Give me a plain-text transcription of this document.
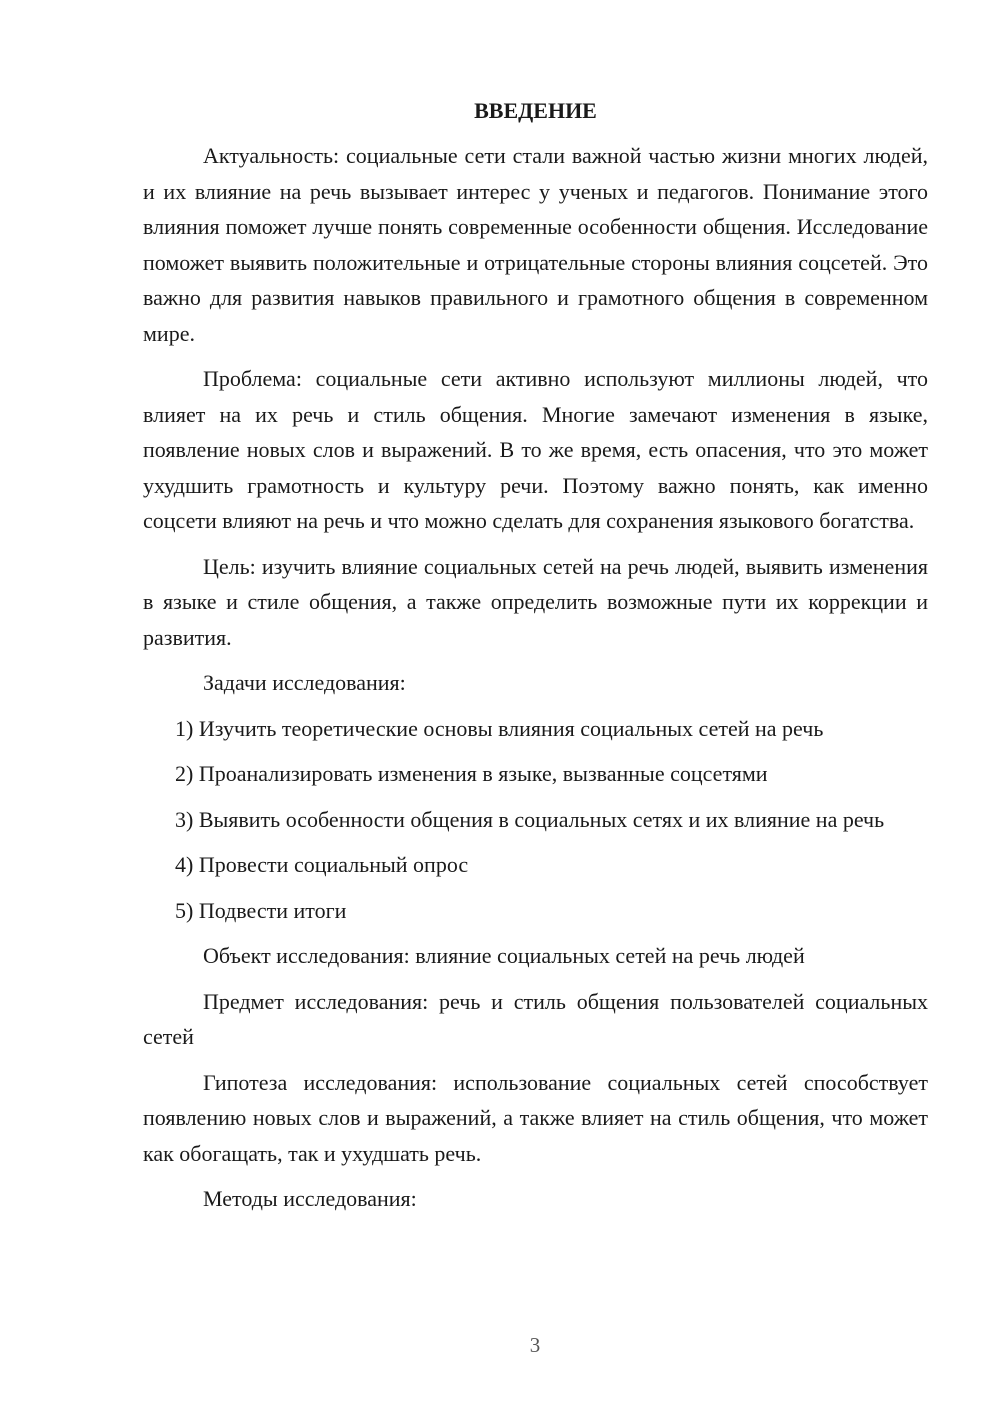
ВВЕДЕНИЕ

Актуальность: социальные сети стали важной частью жизни многих людей, и их влияние на речь вызывает интерес у ученых и педагогов. Понимание этого влияния поможет лучше понять современные особенности общения. Исследование поможет выявить положительные и отрицательные стороны влияния соцсетей. Это важно для развития навыков правильного и грамотного общения в современном мире.

Проблема: социальные сети активно используют миллионы людей, что влияет на их речь и стиль общения. Многие замечают изменения в языке, появление новых слов и выражений. В то же время, есть опасения, что это может ухудшить грамотность и культуру речи. Поэтому важно понять, как именно соцсети влияют на речь и что можно сделать для сохранения языкового богатства.

Цель: изучить влияние социальных сетей на речь людей, выявить изменения в языке и стиле общения, а также определить возможные пути их коррекции и развития.

Задачи исследования:

1) Изучить теоретические основы влияния социальных сетей на речь

2) Проанализировать изменения в языке, вызванные соцсетями

3) Выявить особенности общения в социальных сетях и их влияние на речь

4) Провести социальный опрос

5) Подвести итоги

Объект исследования: влияние социальных сетей на речь людей

Предмет исследования: речь и стиль общения пользователей социальных сетей

Гипотеза исследования: использование социальных сетей способствует появлению новых слов и выражений, а также влияет на стиль общения, что может как обогащать, так и ухудшать речь.

Методы исследования:

3
